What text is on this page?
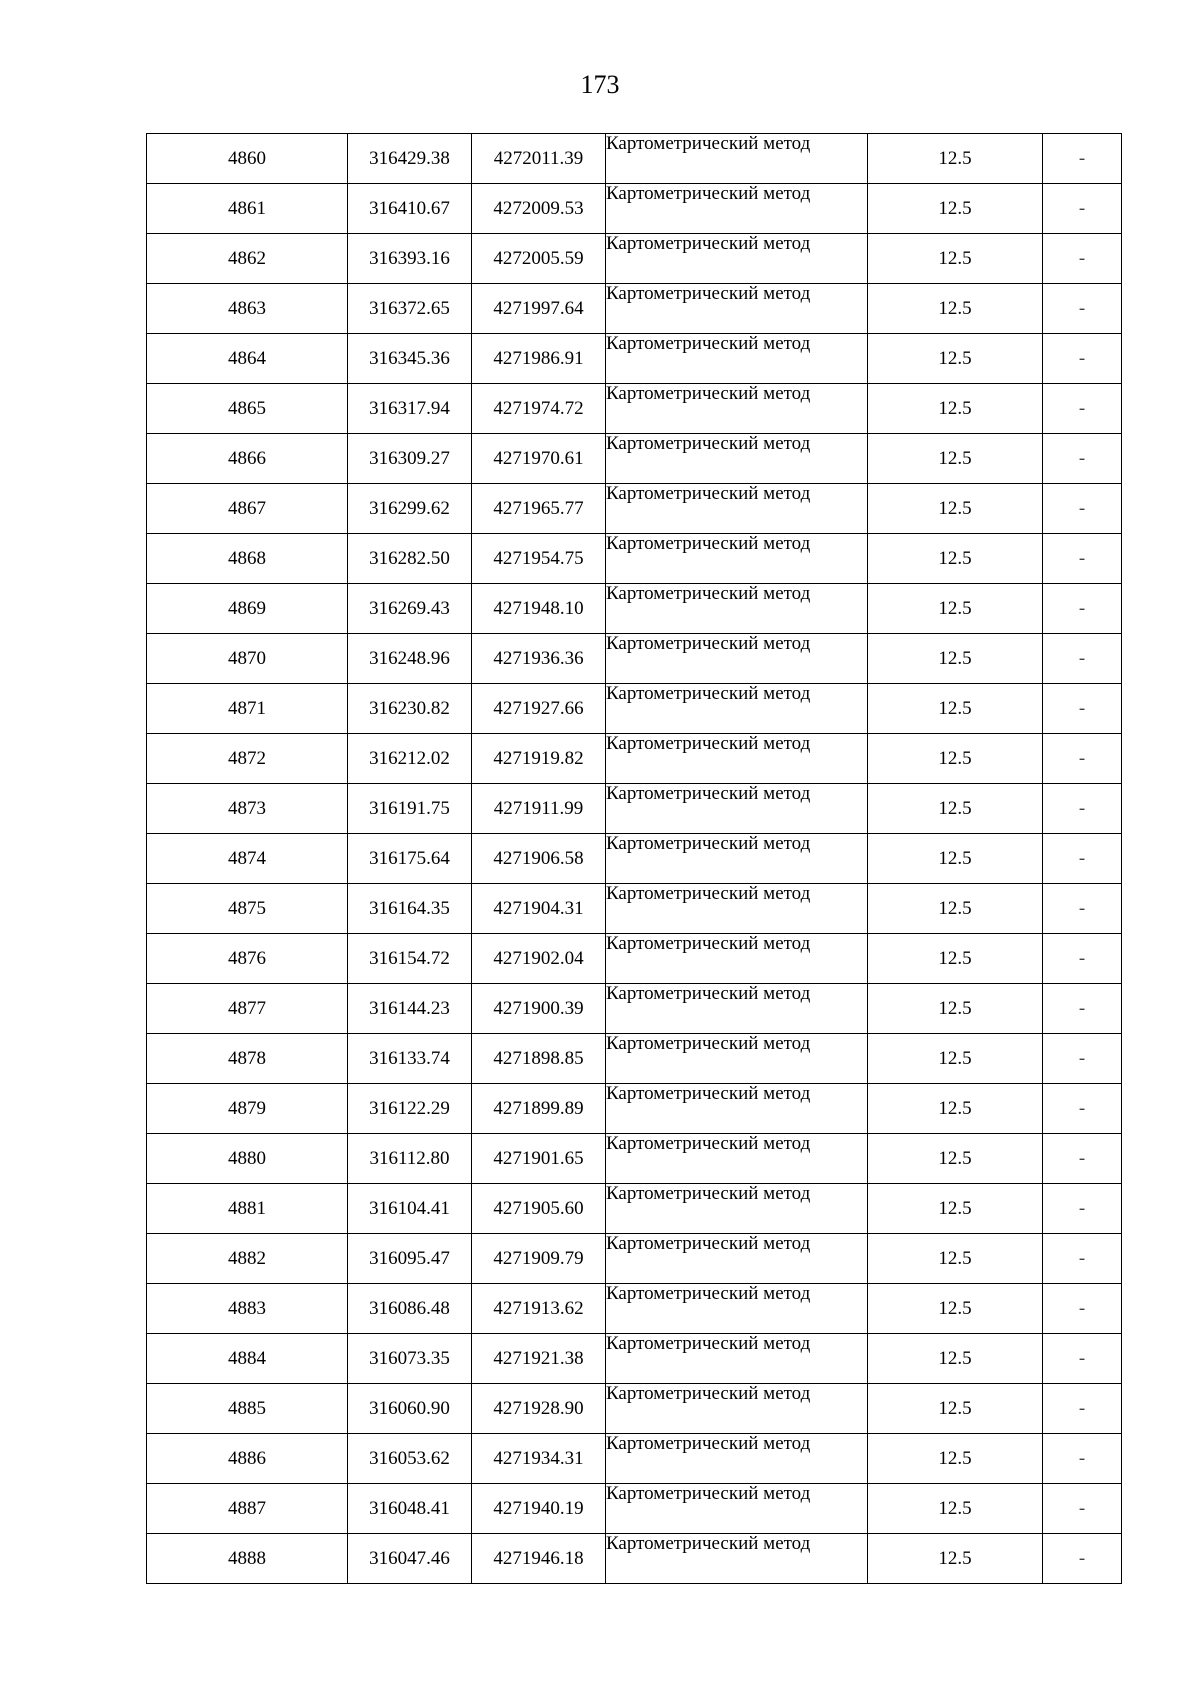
173
4860	316429.38	4272011.39	Картометрический метод	12.5	-
4861	316410.67	4272009.53	Картометрический метод	12.5	-
4862	316393.16	4272005.59	Картометрический метод	12.5	-
4863	316372.65	4271997.64	Картометрический метод	12.5	-
4864	316345.36	4271986.91	Картометрический метод	12.5	-
4865	316317.94	4271974.72	Картометрический метод	12.5	-
4866	316309.27	4271970.61	Картометрический метод	12.5	-
4867	316299.62	4271965.77	Картометрический метод	12.5	-
4868	316282.50	4271954.75	Картометрический метод	12.5	-
4869	316269.43	4271948.10	Картометрический метод	12.5	-
4870	316248.96	4271936.36	Картометрический метод	12.5	-
4871	316230.82	4271927.66	Картометрический метод	12.5	-
4872	316212.02	4271919.82	Картометрический метод	12.5	-
4873	316191.75	4271911.99	Картометрический метод	12.5	-
4874	316175.64	4271906.58	Картометрический метод	12.5	-
4875	316164.35	4271904.31	Картометрический метод	12.5	-
4876	316154.72	4271902.04	Картометрический метод	12.5	-
4877	316144.23	4271900.39	Картометрический метод	12.5	-
4878	316133.74	4271898.85	Картометрический метод	12.5	-
4879	316122.29	4271899.89	Картометрический метод	12.5	-
4880	316112.80	4271901.65	Картометрический метод	12.5	-
4881	316104.41	4271905.60	Картометрический метод	12.5	-
4882	316095.47	4271909.79	Картометрический метод	12.5	-
4883	316086.48	4271913.62	Картометрический метод	12.5	-
4884	316073.35	4271921.38	Картометрический метод	12.5	-
4885	316060.90	4271928.90	Картометрический метод	12.5	-
4886	316053.62	4271934.31	Картометрический метод	12.5	-
4887	316048.41	4271940.19	Картометрический метод	12.5	-
4888	316047.46	4271946.18	Картометрический метод	12.5	-
